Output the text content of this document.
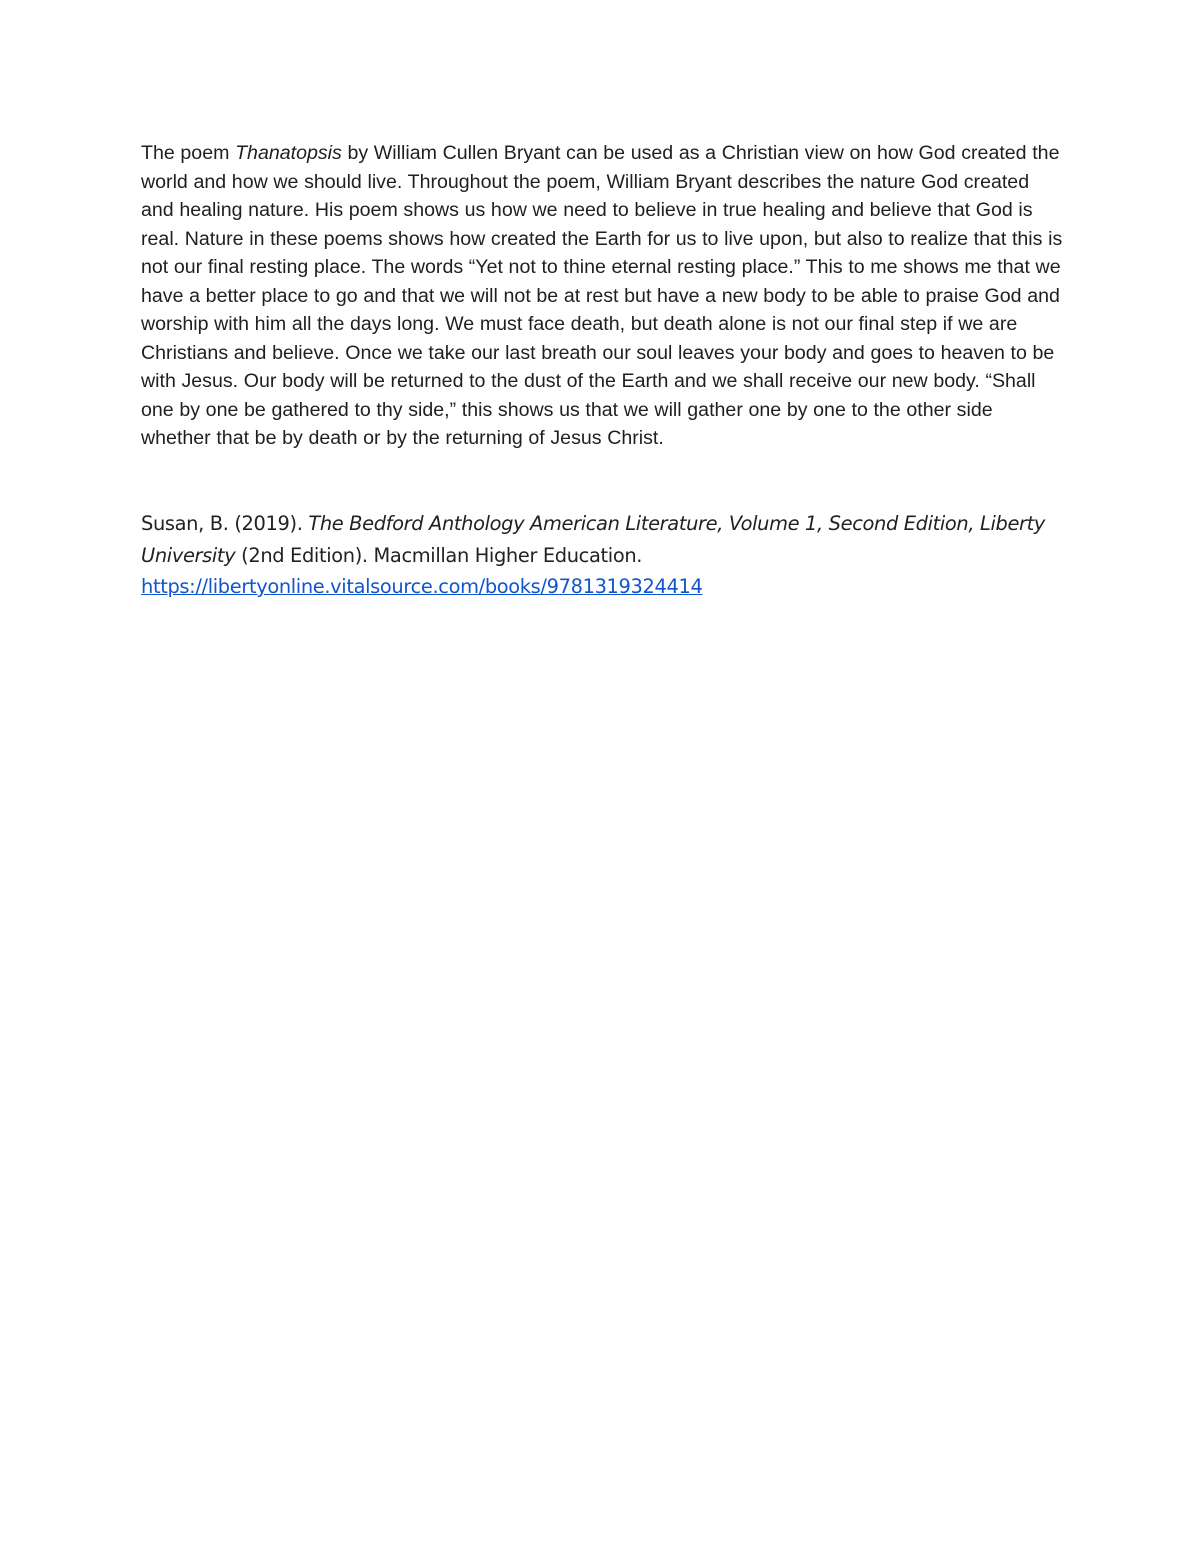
The poem Thanatopsis by William Cullen Bryant can be used as a Christian view on how God created the world and how we should live. Throughout the poem, William Bryant describes the nature God created and healing nature. His poem shows us how we need to believe in true healing and believe that God is real. Nature in these poems shows how created the Earth for us to live upon, but also to realize that this is not our final resting place. The words “Yet not to thine eternal resting place.” This to me shows me that we have a better place to go and that we will not be at rest but have a new body to be able to praise God and worship with him all the days long. We must face death, but death alone is not our final step if we are Christians and believe. Once we take our last breath our soul leaves your body and goes to heaven to be with Jesus. Our body will be returned to the dust of the Earth and we shall receive our new body. “Shall one by one be gathered to thy side,” this shows us that we will gather one by one to the other side whether that be by death or by the returning of Jesus Christ.

Susan, B. (2019). The Bedford Anthology American Literature, Volume 1, Second Edition, Liberty University (2nd Edition). Macmillan Higher Education.
https://libertyonline.vitalsource.com/books/9781319324414
